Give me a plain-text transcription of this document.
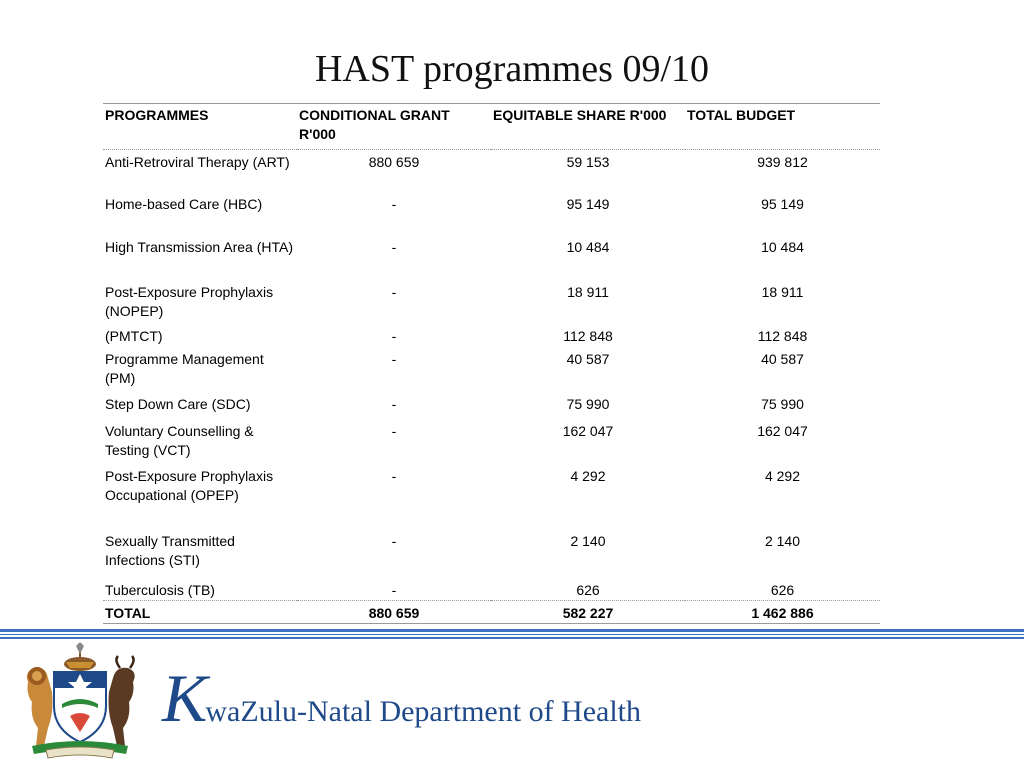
HAST programmes 09/10
PROGRAMMES	CONDITIONAL GRANT R'000	EQUITABLE SHARE R'000	TOTAL BUDGET
Anti-Retroviral Therapy (ART)	880 659	59 153	939 812
Home-based Care (HBC)	-	95 149	95 149
High Transmission Area (HTA)	-	10 484	10 484
Post-Exposure Prophylaxis (NOPEP)	-	18 911	18 911
(PMTCT)	-	112 848	112 848
Programme Management (PM)	-	40 587	40 587
Step Down Care (SDC)	-	75 990	75 990
Voluntary Counselling & Testing (VCT)	-	162 047	162 047
Post-Exposure Prophylaxis Occupational (OPEP)	-	4 292	4 292
Sexually Transmitted Infections (STI)	-	2 140	2 140
Tuberculosis (TB)	-	626	626
TOTAL	880 659	582 227	1 462 886
KwaZulu-Natal Department of Health
